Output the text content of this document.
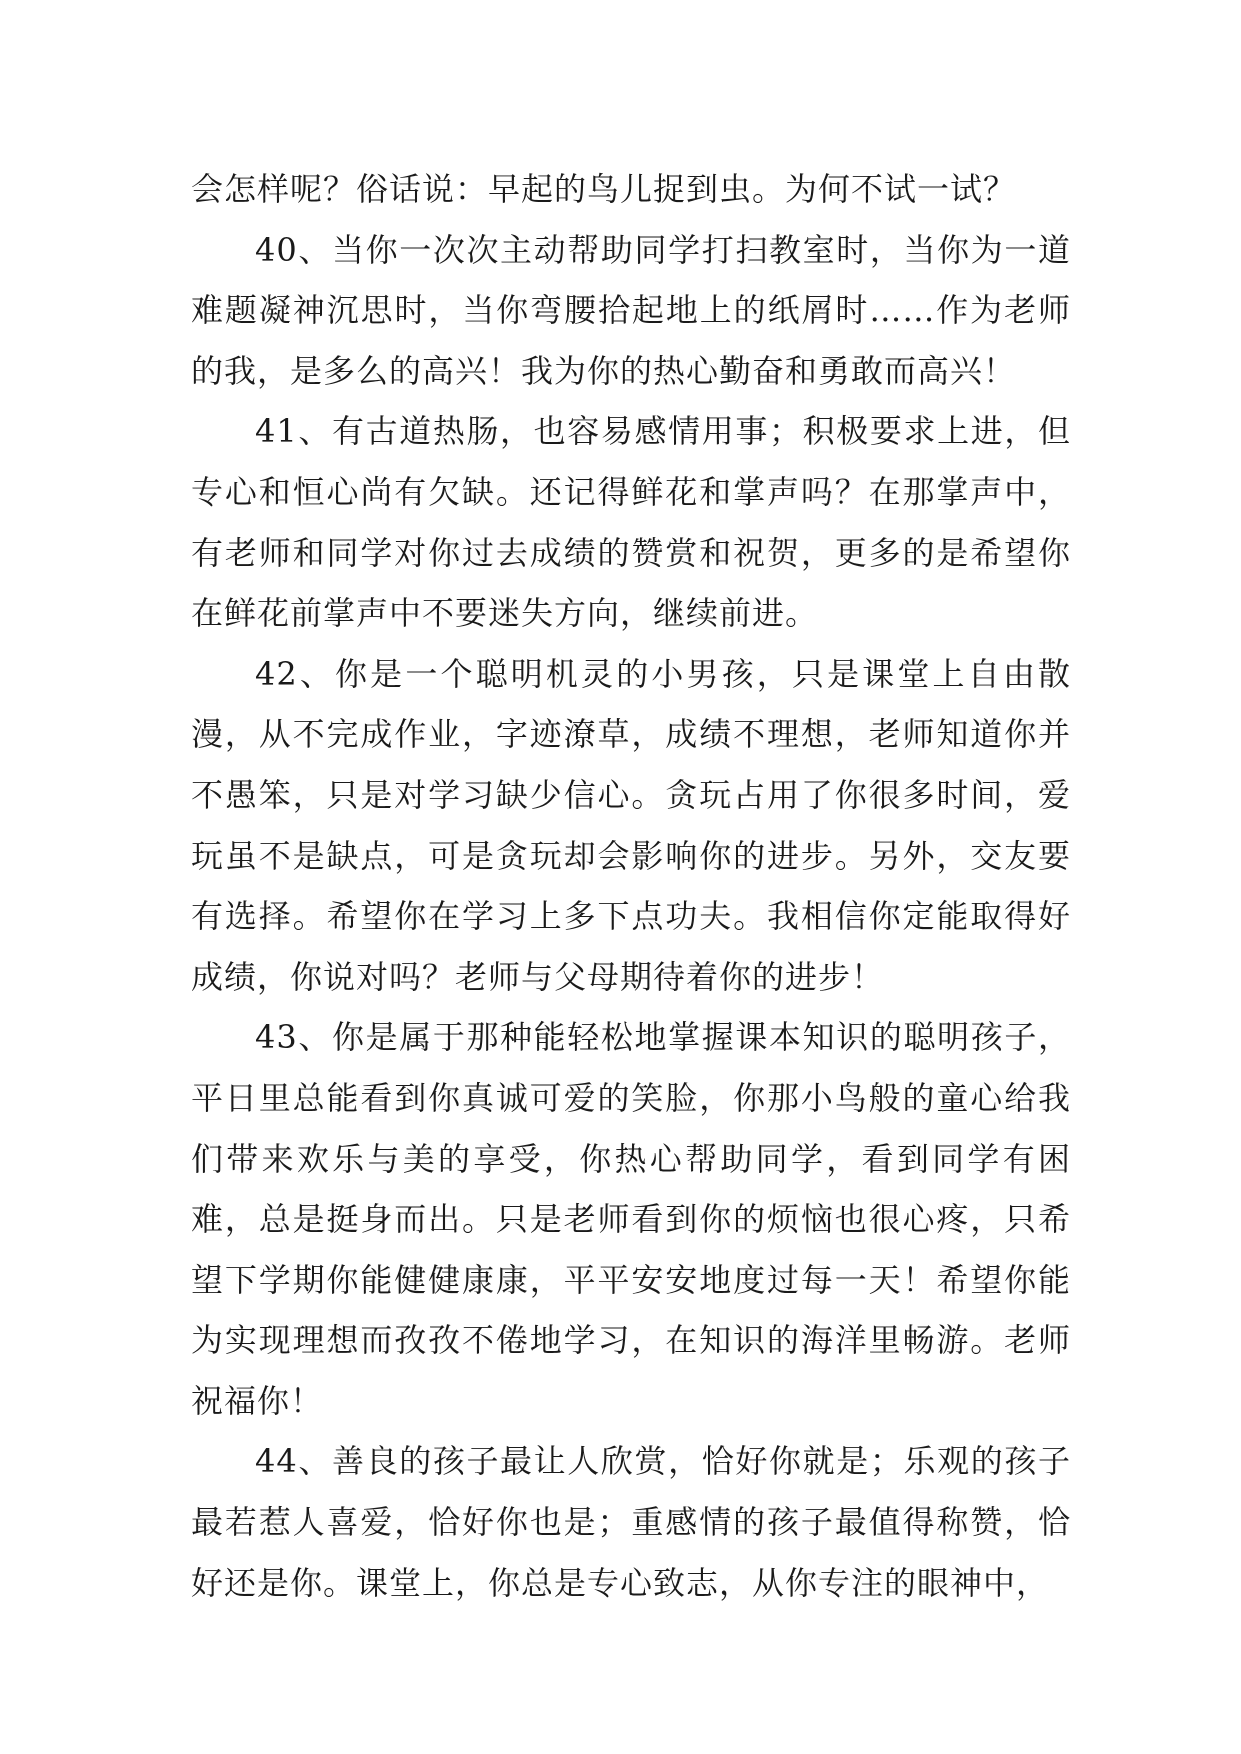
会怎样呢？俗话说：早起的鸟儿捉到虫。为何不试一试？

40、当你一次次主动帮助同学打扫教室时，当你为一道难题凝神沉思时，当你弯腰拾起地上的纸屑时……作为老师的我，是多么的高兴！我为你的热心勤奋和勇敢而高兴！

41、有古道热肠，也容易感情用事；积极要求上进，但专心和恒心尚有欠缺。还记得鲜花和掌声吗？在那掌声中，有老师和同学对你过去成绩的赞赏和祝贺，更多的是希望你在鲜花前掌声中不要迷失方向，继续前进。

42、你是一个聪明机灵的小男孩，只是课堂上自由散漫，从不完成作业，字迹潦草，成绩不理想，老师知道你并不愚笨，只是对学习缺少信心。贪玩占用了你很多时间，爱玩虽不是缺点，可是贪玩却会影响你的进步。另外，交友要有选择。希望你在学习上多下点功夫。我相信你定能取得好成绩，你说对吗？老师与父母期待着你的进步！

43、你是属于那种能轻松地掌握课本知识的聪明孩子，平日里总能看到你真诚可爱的笑脸，你那小鸟般的童心给我们带来欢乐与美的享受，你热心帮助同学，看到同学有困难，总是挺身而出。只是老师看到你的烦恼也很心疼，只希望下学期你能健健康康，平平安安地度过每一天！希望你能为实现理想而孜孜不倦地学习，在知识的海洋里畅游。老师祝福你！

44、善良的孩子最让人欣赏，恰好你就是；乐观的孩子最若惹人喜爱，恰好你也是；重感情的孩子最值得称赞，恰好还是你。课堂上，你总是专心致志，从你专注的眼神中，
